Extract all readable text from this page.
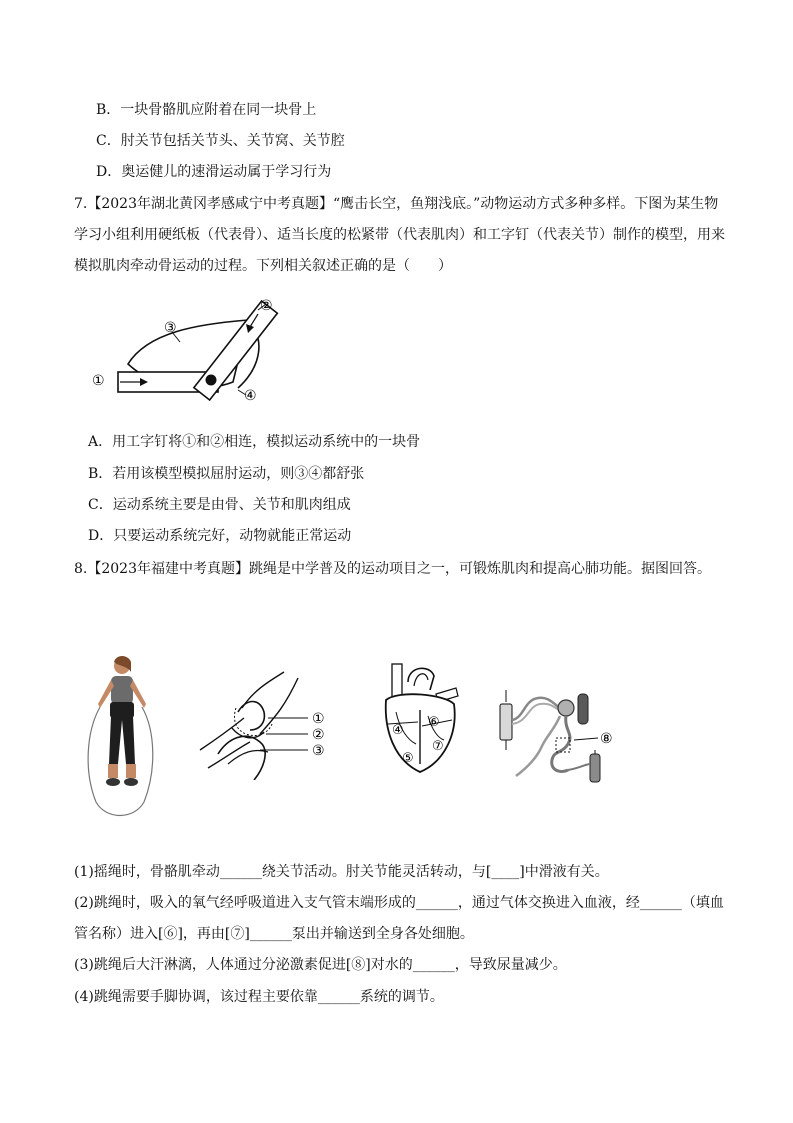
B．一块骨骼肌应附着在同一块骨上
C．肘关节包括关节头、关节窝、关节腔
D．奥运健儿的速滑运动属于学习行为
7.【2023年湖北黄冈孝感咸宁中考真题】“鹰击长空，鱼翔浅底。”动物运动方式多种多样。下图为某生物
学习小组利用硬纸板（代表骨）、适当长度的松紧带（代表肌肉）和工字钉（代表关节）制作的模型，用来
模拟肌肉牵动骨运动的过程。下列相关叙述正确的是（　　）
①
②
③
④
A．用工字钉将①和②相连，模拟运动系统中的一块骨
B．若用该模型模拟屈肘运动，则③④都舒张
C．运动系统主要是由骨、关节和肌肉组成
D．只要运动系统完好，动物就能正常运动
8.【2023年福建中考真题】跳绳是中学普及的运动项目之一，可锻炼肌肉和提高心肺功能。据图回答。
①
②
③
④
⑤
⑥
⑦	⑧
(1)摇绳时，骨骼肌牵动______绕关节活动。肘关节能灵活转动，与[____]中滑液有关。
(2)跳绳时，吸入的氧气经呼吸道进入支气管末端形成的______，通过气体交换进入血液，经______（填血
管名称）进入[⑥]，再由[⑦]______泵出并输送到全身各处细胞。
(3)跳绳后大汗淋漓，人体通过分泌激素促进[⑧]对水的______，导致尿量减少。
(4)跳绳需要手脚协调，该过程主要依靠______系统的调节。
